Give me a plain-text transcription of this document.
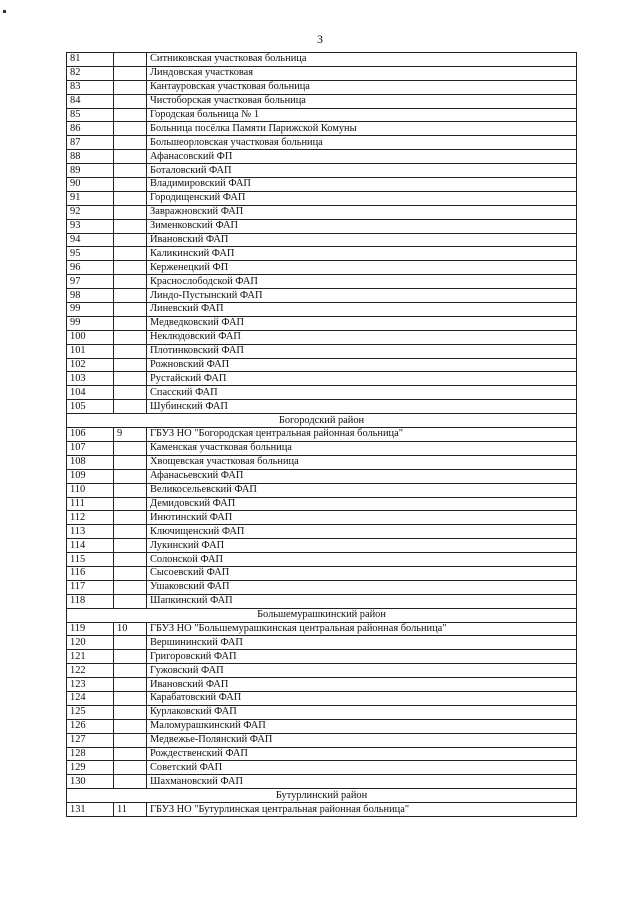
3
81		Ситниковская участковая больница
82		Линдовская участковая
83		Кантауровская участковая больница
84		Чистоборская участковая больница
85		Городская больница № 1
86		Больница посёлка Памяти Парижской Комуны
87		Большеорловская участковая больница
88		Афанасовский ФП
89		Боталовский ФАП
90		Владимировский ФАП
91		Городищенский ФАП
92		Завражновский ФАП
93		Зименковский ФАП
94		Ивановский ФАП
95		Каликинский ФАП
96		Керженецкий ФП
97		Краснослободской ФАП
98		Линдо-Пустынский ФАП
99		Линевский ФАП
99		Медведковский ФАП
100		Неклюдовский ФАП
101		Плотинковский ФАП
102		Рожновский ФАП
103		Рустайский ФАП
104		Спасский ФАП
105		Шубинский ФАП
Богородский район		
106	9	ГБУЗ НО "Богородская центральная районная больница"
107		Каменская участковая больница
108		Хвощевская участковая больница
109		Афанасьевский ФАП
110		Великосельевский ФАП
111		Демидовский ФАП
112		Инютинский ФАП
113		Ключищенский ФАП
114		Лукинский ФАП
115		Солонской ФАП
116		Сысоевский ФАП
117		Ушаковский ФАП
118		Шапкинский ФАП
Большемурашкинский район		
119	10	ГБУЗ НО "Большемурашкинская центральная районная больница"
120		Вершининский ФАП
121		Григоровский ФАП
122		Гужовский ФАП
123		Ивановский ФАП
124		Карабатовский ФАП
125		Курлаковский ФАП
126		Маломурашкинский ФАП
127		Медвежье-Полянский ФАП
128		Рождественский ФАП
129		Советский ФАП
130		Шахмановский ФАП
Бутурлинский район		
131	11	ГБУЗ НО "Бутурлинская центральная районная больница"
